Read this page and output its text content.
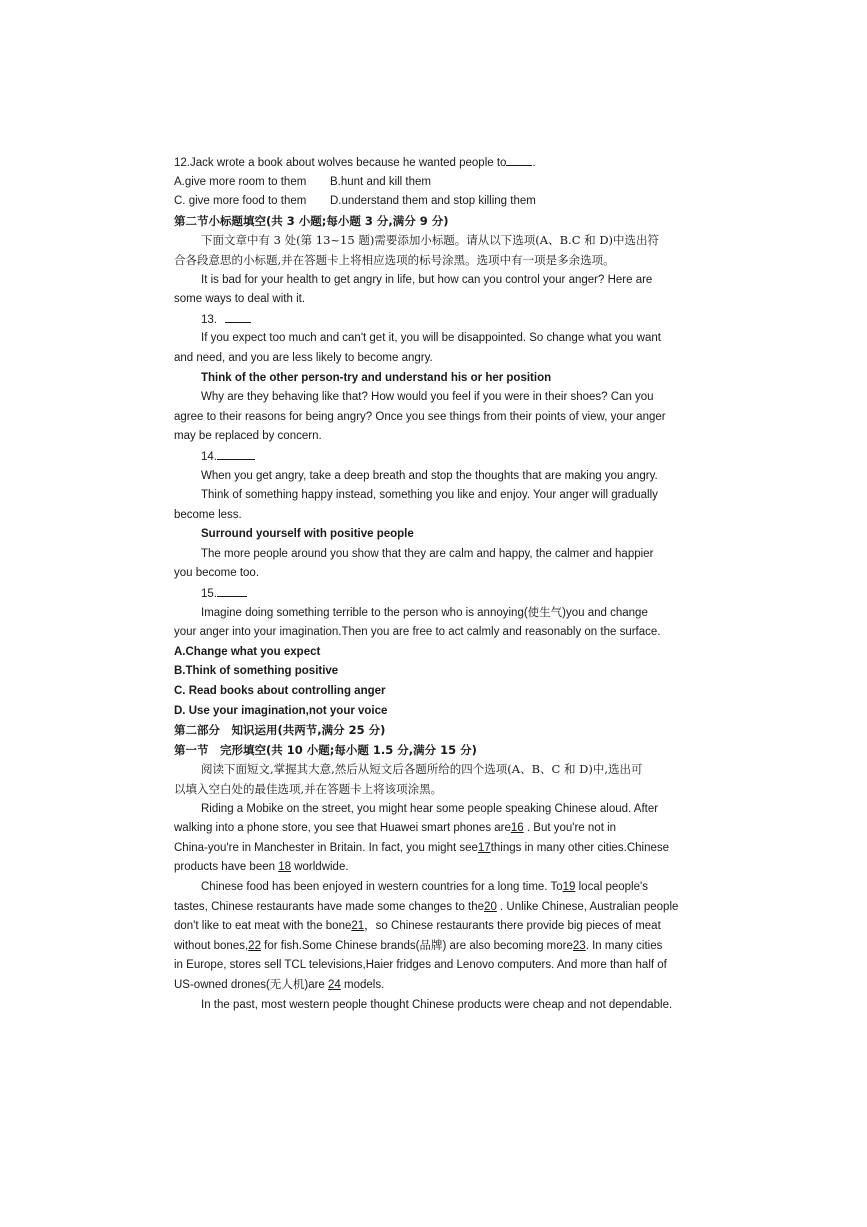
12.Jack wrote a book about wolves because he wanted people to .
A.give more room to them B.hunt and kill them
C. give more food to them D.understand them and stop killing them
第二节小标题填空(共 3 小题;每小题 3 分,满分 9 分)
下面文章中有 3 处(第 13~15 题)需要添加小标题。请从以下选项(A、B.C 和 D)中选出符
合各段意思的小标题,并在答题卡上将相应选项的标号涂黑。选项中有一项是多余选项。
It is bad for your health to get angry in life, but how can you control your anger? Here are
some ways to deal with it.
13.
If you expect too much and can't get it, you will be disappointed. So change what you want
and need, and you are less likely to become angry.
Think of the other person-try and understand his or her position
Why are they behaving like that? How would you feel if you were in their shoes? Can you
agree to their reasons for being angry? Once you see things from their points of view, your anger
may be replaced by concern.
14.
When you get angry, take a deep breath and stop the thoughts that are making you angry.
Think of something happy instead, something you like and enjoy. Your anger will gradually
become less.
Surround yourself with positive people
The more people around you show that they are calm and happy, the calmer and happier
you become too.
15.
Imagine doing something terrible to the person who is annoying(使生气)you and change
your anger into your imagination.Then you are free to act calmly and reasonably on the surface.
A.Change what you expect
B.Think of something positive
C. Read books about controlling anger
D. Use your imagination,not your voice
第二部分　知识运用(共两节,满分 25 分)
第一节　完形填空(共 10 小题;每小题 1.5 分,满分 15 分)
阅读下面短文,掌握其大意,然后从短文后各题所给的四个选项(A、B、C 和 D)中,选出可
以填入空白处的最佳选项,并在答题卡上将该项涂黑。
Riding a Mobike on the street, you might hear some people speaking Chinese aloud. After
walking into a phone store, you see that Huawei smart phones are16 . But you're not in
China-you're in Manchester in Britain. In fact, you might see17things in many other cities.Chinese
products have been 18 worldwide.
Chinese food has been enjoyed in western countries for a long time. To19 local people's
tastes, Chinese restaurants have made some changes to the20 . Unlike Chinese, Australian people
don't like to eat meat with the bone21，so Chinese restaurants there provide big pieces of meat
without bones,22 for fish.Some Chinese brands(品牌) are also becoming more23. In many cities
in Europe, stores sell TCL televisions,Haier fridges and Lenovo computers. And more than half of
US-owned drones(无人机)are 24 models.
In the past, most western people thought Chinese products were cheap and not dependable.
